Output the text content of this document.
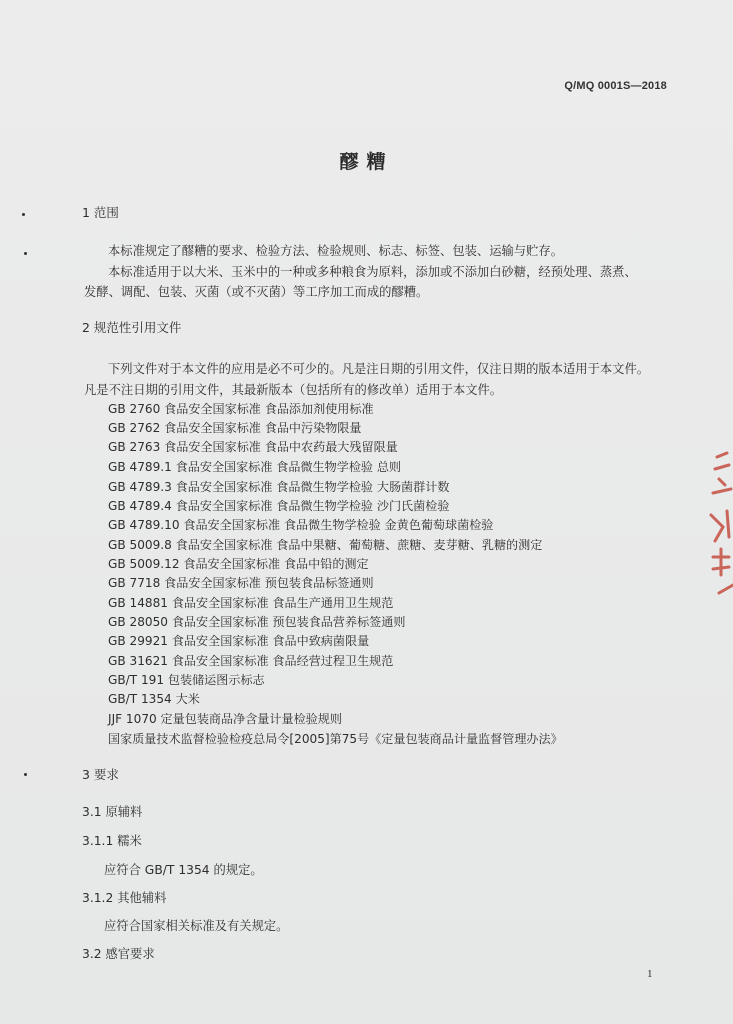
Q/MQ 0001S—2018
醪糟
1 范围
本标准规定了醪糟的要求、检验方法、检验规则、标志、标签、包装、运输与贮存。
本标准适用于以大米、玉米中的一种或多种粮食为原料，添加或不添加白砂糖，经预处理、蒸煮、
发酵、调配、包装、灭菌（或不灭菌）等工序加工而成的醪糟。
2 规范性引用文件
下列文件对于本文件的应用是必不可少的。凡是注日期的引用文件，仅注日期的版本适用于本文件。
凡是不注日期的引用文件，其最新版本（包括所有的修改单）适用于本文件。
GB 2760 食品安全国家标准 食品添加剂使用标准
GB 2762 食品安全国家标准 食品中污染物限量
GB 2763 食品安全国家标准 食品中农药最大残留限量
GB 4789.1 食品安全国家标准 食品微生物学检验 总则
GB 4789.3 食品安全国家标准 食品微生物学检验 大肠菌群计数
GB 4789.4 食品安全国家标准 食品微生物学检验 沙门氏菌检验
GB 4789.10 食品安全国家标准 食品微生物学检验 金黄色葡萄球菌检验
GB 5009.8 食品安全国家标准 食品中果糖、葡萄糖、蔗糖、麦芽糖、乳糖的测定
GB 5009.12 食品安全国家标准 食品中铅的测定
GB 7718 食品安全国家标准 预包装食品标签通则
GB 14881 食品安全国家标准 食品生产通用卫生规范
GB 28050 食品安全国家标准 预包装食品营养标签通则
GB 29921 食品安全国家标准 食品中致病菌限量
GB 31621 食品安全国家标准 食品经营过程卫生规范
GB/T 191 包装储运图示标志
GB/T 1354 大米
JJF 1070 定量包装商品净含量计量检验规则
国家质量技术监督检验检疫总局令[2005]第75号《定量包装商品计量监督管理办法》
3 要求
3.1 原辅料
3.1.1 糯米
应符合 GB/T 1354 的规定。
3.1.2 其他辅料
应符合国家相关标准及有关规定。
3.2 感官要求
1
